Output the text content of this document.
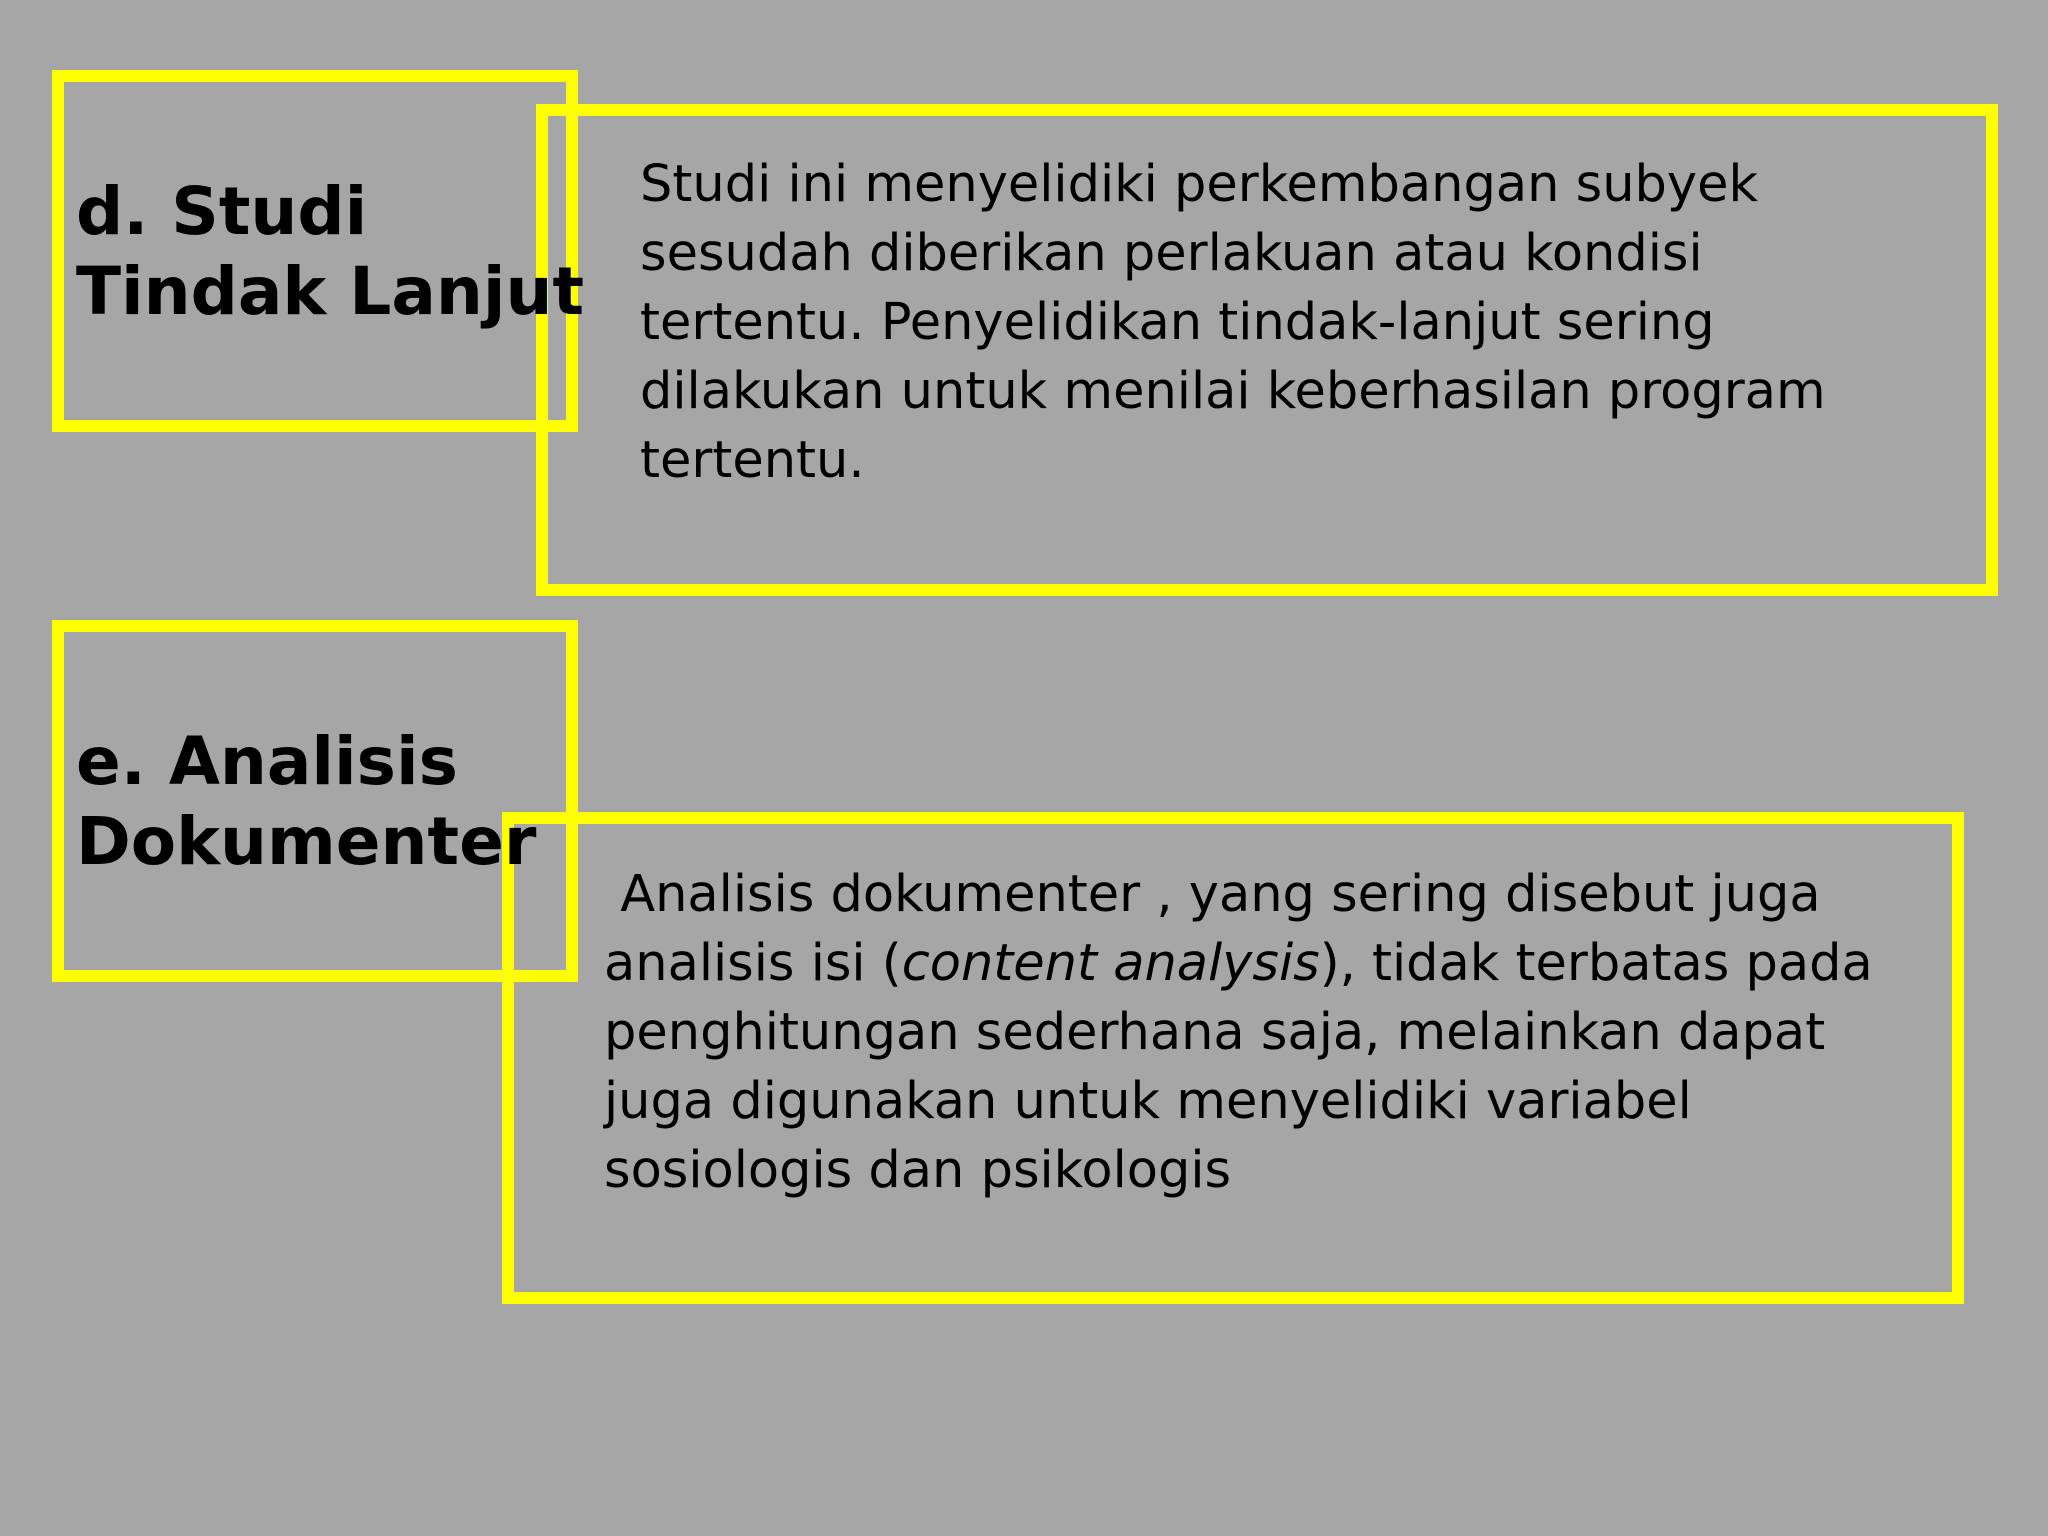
d. Studi
Tindak Lanjut

Studi ini menyelidiki perkembangan subyek
sesudah diberikan perlakuan atau kondisi
tertentu. Penyelidikan tindak-lanjut sering
dilakukan untuk menilai keberhasilan program
tertentu.

e. Analisis
Dokumenter

Analisis dokumenter , yang sering disebut juga
analisis isi (content analysis), tidak terbatas pada
penghitungan sederhana saja, melainkan dapat
juga digunakan untuk menyelidiki variabel
sosiologis dan psikologis
